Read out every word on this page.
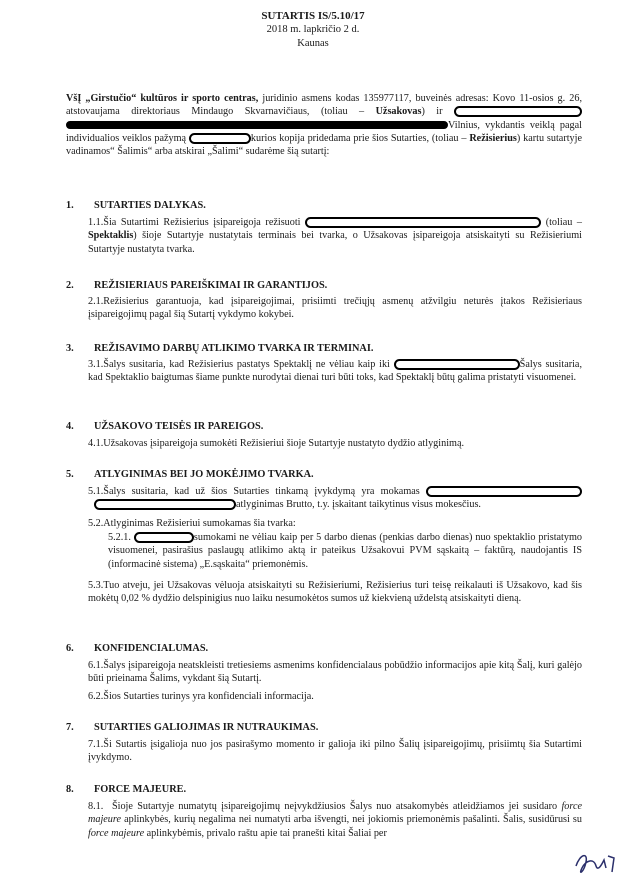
SUTARTIS IS/5.10/17
2018 m. lapkričio 2 d.
Kaunas
VšĮ „Girstučio“ kultūros ir sporto centras, juridinio asmens kodas 135977117, buveinės adresas: Kovo 11-osios g. 26, atstovaujama direktoriaus Mindaugo Skvarnavičiaus, (toliau – Užsakovas) ir  Vilnius, vykdantis veiklą pagal individualios veiklos pažymą	kurios kopija pridedama prie šios Sutarties, (toliau – Režisierius) kartu sutartyje vadinamos“ Šalimis“ arba atskirai „Šalimi“ sudarėme šią sutartį:
1. SUTARTIES DALYKAS.
1.1.Šia Sutartimi Režisierius įsipareigoja režisuoti	(toliau – Spektaklis) šioje Sutartyje nustatytais terminais bei tvarka, o Užsakovas įsipareigoja atsiskaityti su Režisieriumi Sutartyje nustatyta tvarka.
2. REŽISIERIAUS PAREIŠKIMAI IR GARANTIJOS.
2.1.Režisierius garantuoja, kad įsipareigojimai, prisiimti trečiųjų asmenų atžvilgiu neturės įtakos Režisieriaus įsipareigojimų pagal šią Sutartį vykdymo kokybei.
3. REŽISAVIMO DARBŲ ATLIKIMO TVARKA IR TERMINAI.
3.1.Šalys susitaria, kad Režisierius pastatys Spektaklį ne vėliau kaip iki	Šalys susitaria, kad Spektaklio baigtumas šiame punkte nurodytai dienai turi būti toks, kad Spektaklį būtų galima pristatyti visuomenei.
4. UŽSAKOVO TEISĖS IR PAREIGOS.
4.1.Užsakovas įsipareigoja sumokėti Režisieriui šioje Sutartyje nustatyto dydžio atlyginimą.
5. ATLYGINIMAS BEI JO MOKĖJIMO TVARKA.
5.1.Šalys susitaria, kad už šios Sutarties tinkamą įvykdymą yra mokamas  atlyginimas Brutto, t.y. įskaitant taikytinus visus mokesčius.
5.2.Atlyginimas Režisieriui sumokamas šia tvarka:
5.2.1.	sumokami ne vėliau kaip per 5 darbo dienas (penkias darbo dienas) nuo spektaklio pristatymo visuomenei, pasirašius paslaugų atlikimo aktą ir pateikus Užsakovui PVM sąskaitą – faktūrą, naudojantis IS (informacinė sistema) „E.sąskaita“ priemonėmis.
5.3.Tuo atveju, jei Užsakovas vėluoja atsiskaityti su Režisieriumi, Režisierius turi teisę reikalauti iš Užsakovo, kad šis mokėtų 0,02 % dydžio delspinigius nuo laiku nesumokėtos sumos už kiekvieną uždelstą atsiskaityti dieną.
6. KONFIDENCIALUMAS.
6.1.Šalys įsipareigoja neatskleisti tretiesiems asmenims konfidencialaus pobūdžio informacijos apie kitą Šalį, kuri galėjo būti prieinama Šalims, vykdant šią Sutartį.
6.2.Šios Sutarties turinys yra konfidenciali informacija.
7. SUTARTIES GALIOJIMAS IR NUTRAUKIMAS.
7.1.Ši Sutartis įsigalioja nuo jos pasirašymo momento ir galioja iki pilno Šalių įsipareigojimų, prisiimtų šia Sutartimi įvykdymo.
8. FORCE MAJEURE.
8.1. Šioje Sutartyje numatytų įsipareigojimų neįvykdžiusios Šalys nuo atsakomybės atleidžiamos jei susidaro force majeure aplinkybės, kurių negalima nei numatyti arba išvengti, nei jokiomis priemonėmis pašalinti. Šalis, susidūrusi su force majeure aplinkybėmis, privalo raštu apie tai pranešti kitai Šaliai per
